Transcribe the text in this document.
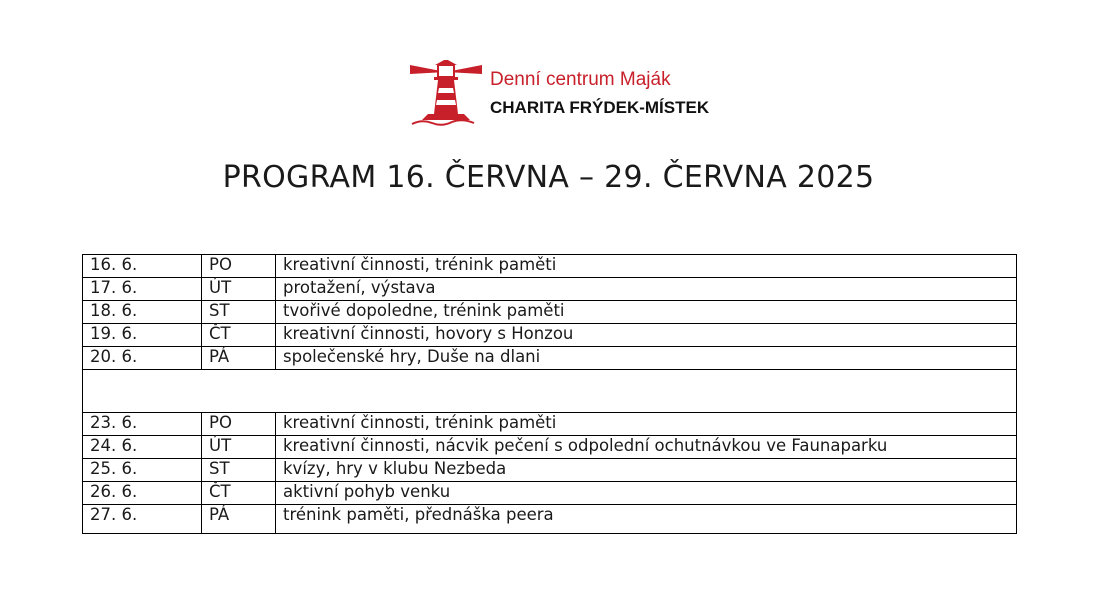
Denní centrum Maják
CHARITA FRÝDEK-MÍSTEK
PROGRAM 16. ČERVNA – 29. ČERVNA 2025
16. 6.	PO	kreativní činnosti, trénink paměti
17. 6.	ÚT	protažení, výstava
18. 6.	ST	tvořivé dopoledne, trénink paměti
19. 6.	ČT	kreativní činnosti, hovory s Honzou
20. 6.	PÁ	společenské hry, Duše na dlani

23. 6.	PO	kreativní činnosti, trénink paměti
24. 6.	ÚT	kreativní činnosti, nácvik pečení s odpolední ochutnávkou ve Faunaparku
25. 6.	ST	kvízy, hry v klubu Nezbeda
26. 6.	ČT	aktivní pohyb venku
27. 6.	PÁ	trénink paměti, přednáška peera
